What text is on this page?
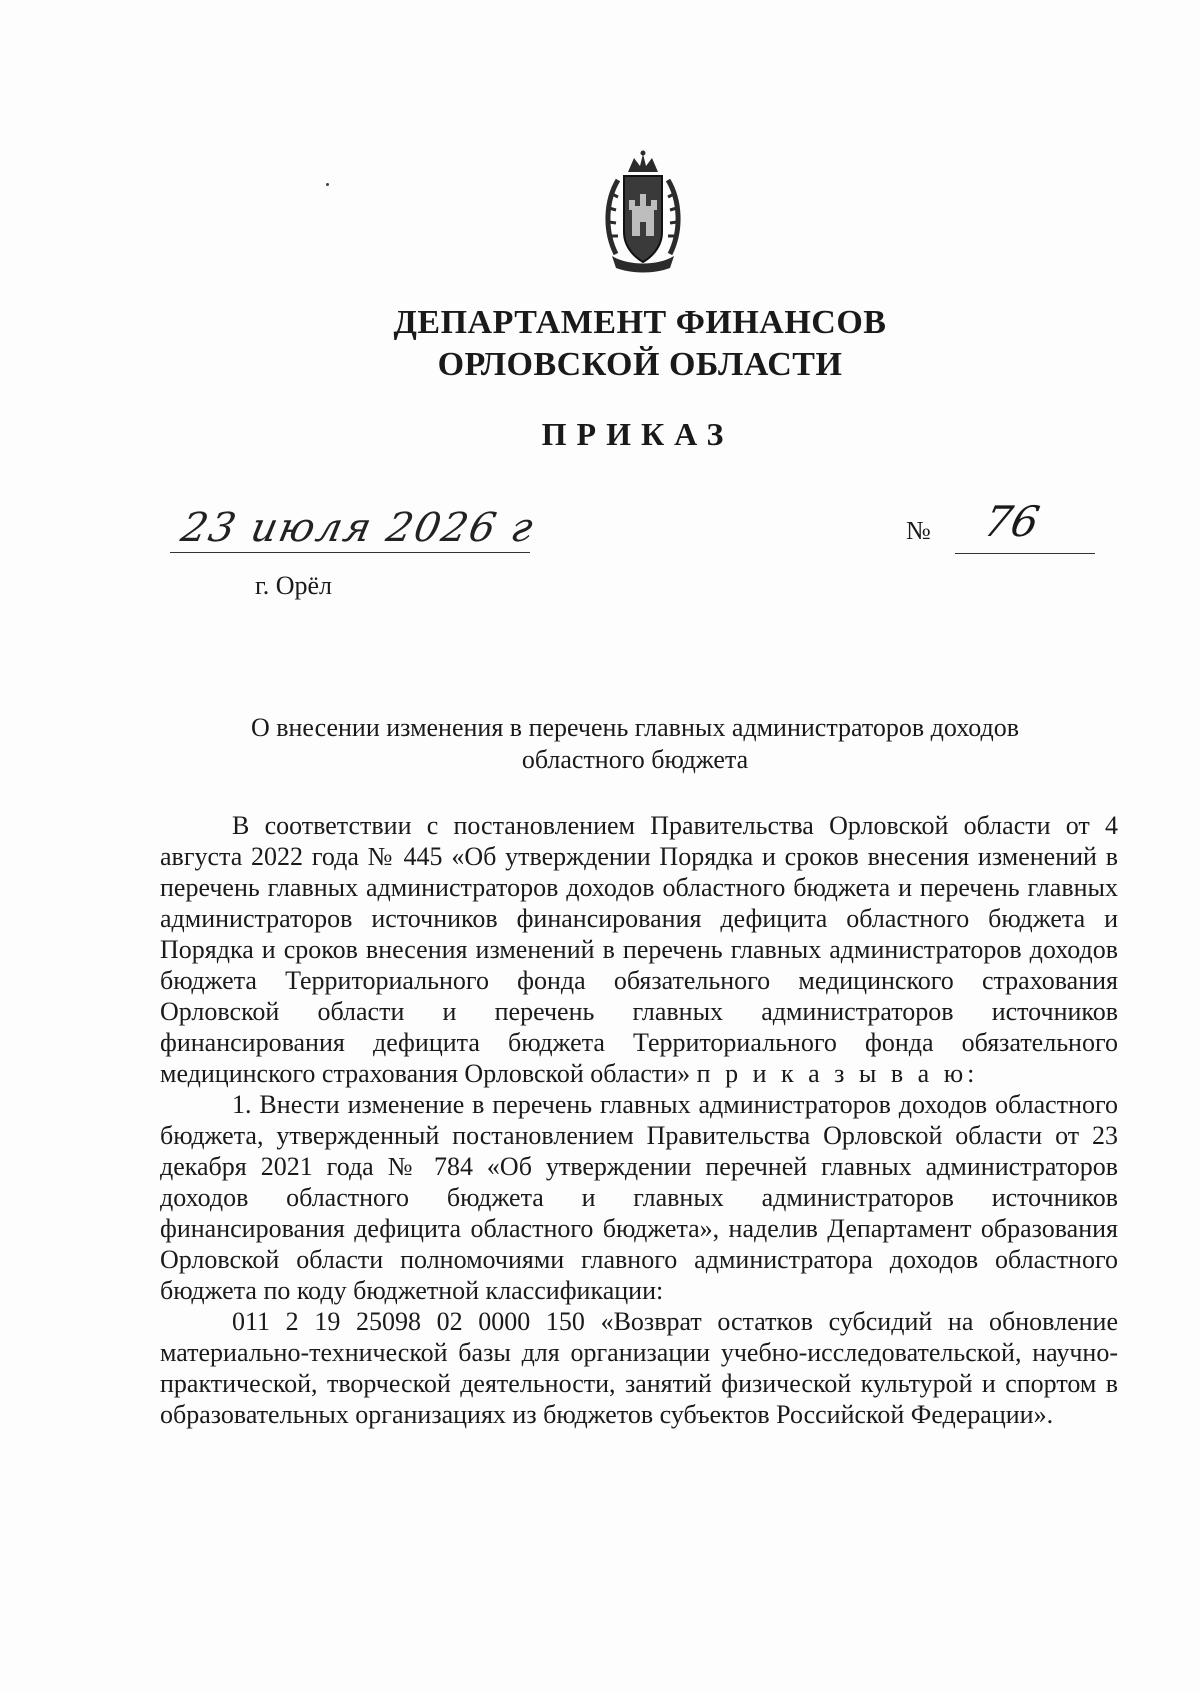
ДЕПАРТАМЕНТ ФИНАНСОВ
ОРЛОВСКОЙ ОБЛАСТИ
ПРИКАЗ
23 июля 2026 г
г. Орёл
№ 76
О внесении изменения в перечень главных администраторов доходов
областного бюджета

В соответствии с постановлением Правительства Орловской области от 4 августа 2022 года № 445 «Об утверждении Порядка и сроков внесения изменений в перечень главных администраторов доходов областного бюджета и перечень главных администраторов источников финансирования дефицита областного бюджета и Порядка и сроков внесения изменений в перечень главных администраторов доходов бюджета Территориального фонда обязательного медицинского страхования Орловской области и перечень главных администраторов источников финансирования дефицита бюджета Территориального фонда обязательного медицинского страхования Орловской области» п р и к а з ы в а ю:

1. Внести изменение в перечень главных администраторов доходов областного бюджета, утвержденный постановлением Правительства Орловской области от 23 декабря 2021 года № 784 «Об утверждении перечней главных администраторов доходов областного бюджета и главных администраторов источников финансирования дефицита областного бюджета», наделив Департамент образования Орловской области полномочиями главного администратора доходов областного бюджета по коду бюджетной классификации:

011 2 19 25098 02 0000 150 «Возврат остатков субсидий на обновление материально-технической базы для организации учебно-исследовательской, научно-практической, творческой деятельности, занятий физической культурой и спортом в образовательных организациях из бюджетов субъектов Российской Федерации».
